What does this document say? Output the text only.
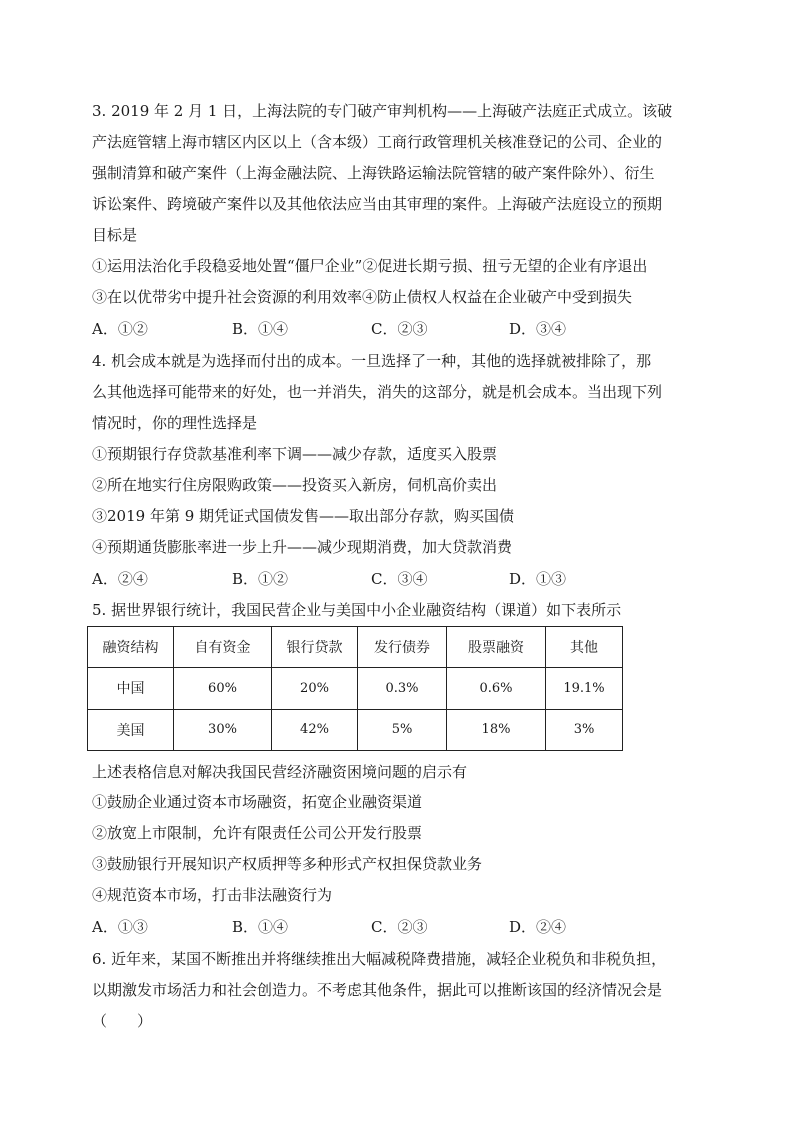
3. 2019 年 2 月 1 日，上海法院的专门破产审判机构——上海破产法庭正式成立。该破
产法庭管辖上海市辖区内区以上（含本级）工商行政管理机关核准登记的公司、企业的
强制清算和破产案件（上海金融法院、上海铁路运输法院管辖的破产案件除外）、衍生
诉讼案件、跨境破产案件以及其他依法应当由其审理的案件。上海破产法庭设立的预期
目标是
①运用法治化手段稳妥地处置“僵尸企业”②促进长期亏损、扭亏无望的企业有序退出
③在以优带劣中提升社会资源的利用效率④防止债权人权益在企业破产中受到损失
A．①②	B．①④	C．②③	D．③④
4. 机会成本就是为选择而付出的成本。一旦选择了一种，其他的选择就被排除了，那
么其他选择可能带来的好处，也一并消失，消失的这部分，就是机会成本。当出现下列
情况时，你的理性选择是
①预期银行存贷款基准利率下调——减少存款，适度买入股票
②所在地实行住房限购政策——投资买入新房，伺机高价卖出
③2019 年第 9 期凭证式国债发售——取出部分存款，购买国债
④预期通货膨胀率进一步上升——减少现期消费，加大贷款消费
A．②④	B．①②	C．③④	D．①③
5. 据世界银行统计，我国民营企业与美国中小企业融资结构（课道）如下表所示
融资结构	自有资金	银行贷款	发行债券	股票融资	其他
中国	60%	20%	0.3%	0.6%	19.1%
美国	30%	42%	5%	18%	3%
上述表格信息对解决我国民营经济融资困境问题的启示有
①鼓励企业通过资本市场融资，拓宽企业融资渠道
②放宽上市限制，允许有限责任公司公开发行股票
③鼓励银行开展知识产权质押等多种形式产权担保贷款业务
④规范资本市场，打击非法融资行为
A．①③	B．①④	C．②③	D．②④
6. 近年来，某国不断推出并将继续推出大幅减税降费措施，减轻企业税负和非税负担，
以期激发市场活力和社会创造力。不考虑其他条件，据此可以推断该国的经济情况会是
（　　）
